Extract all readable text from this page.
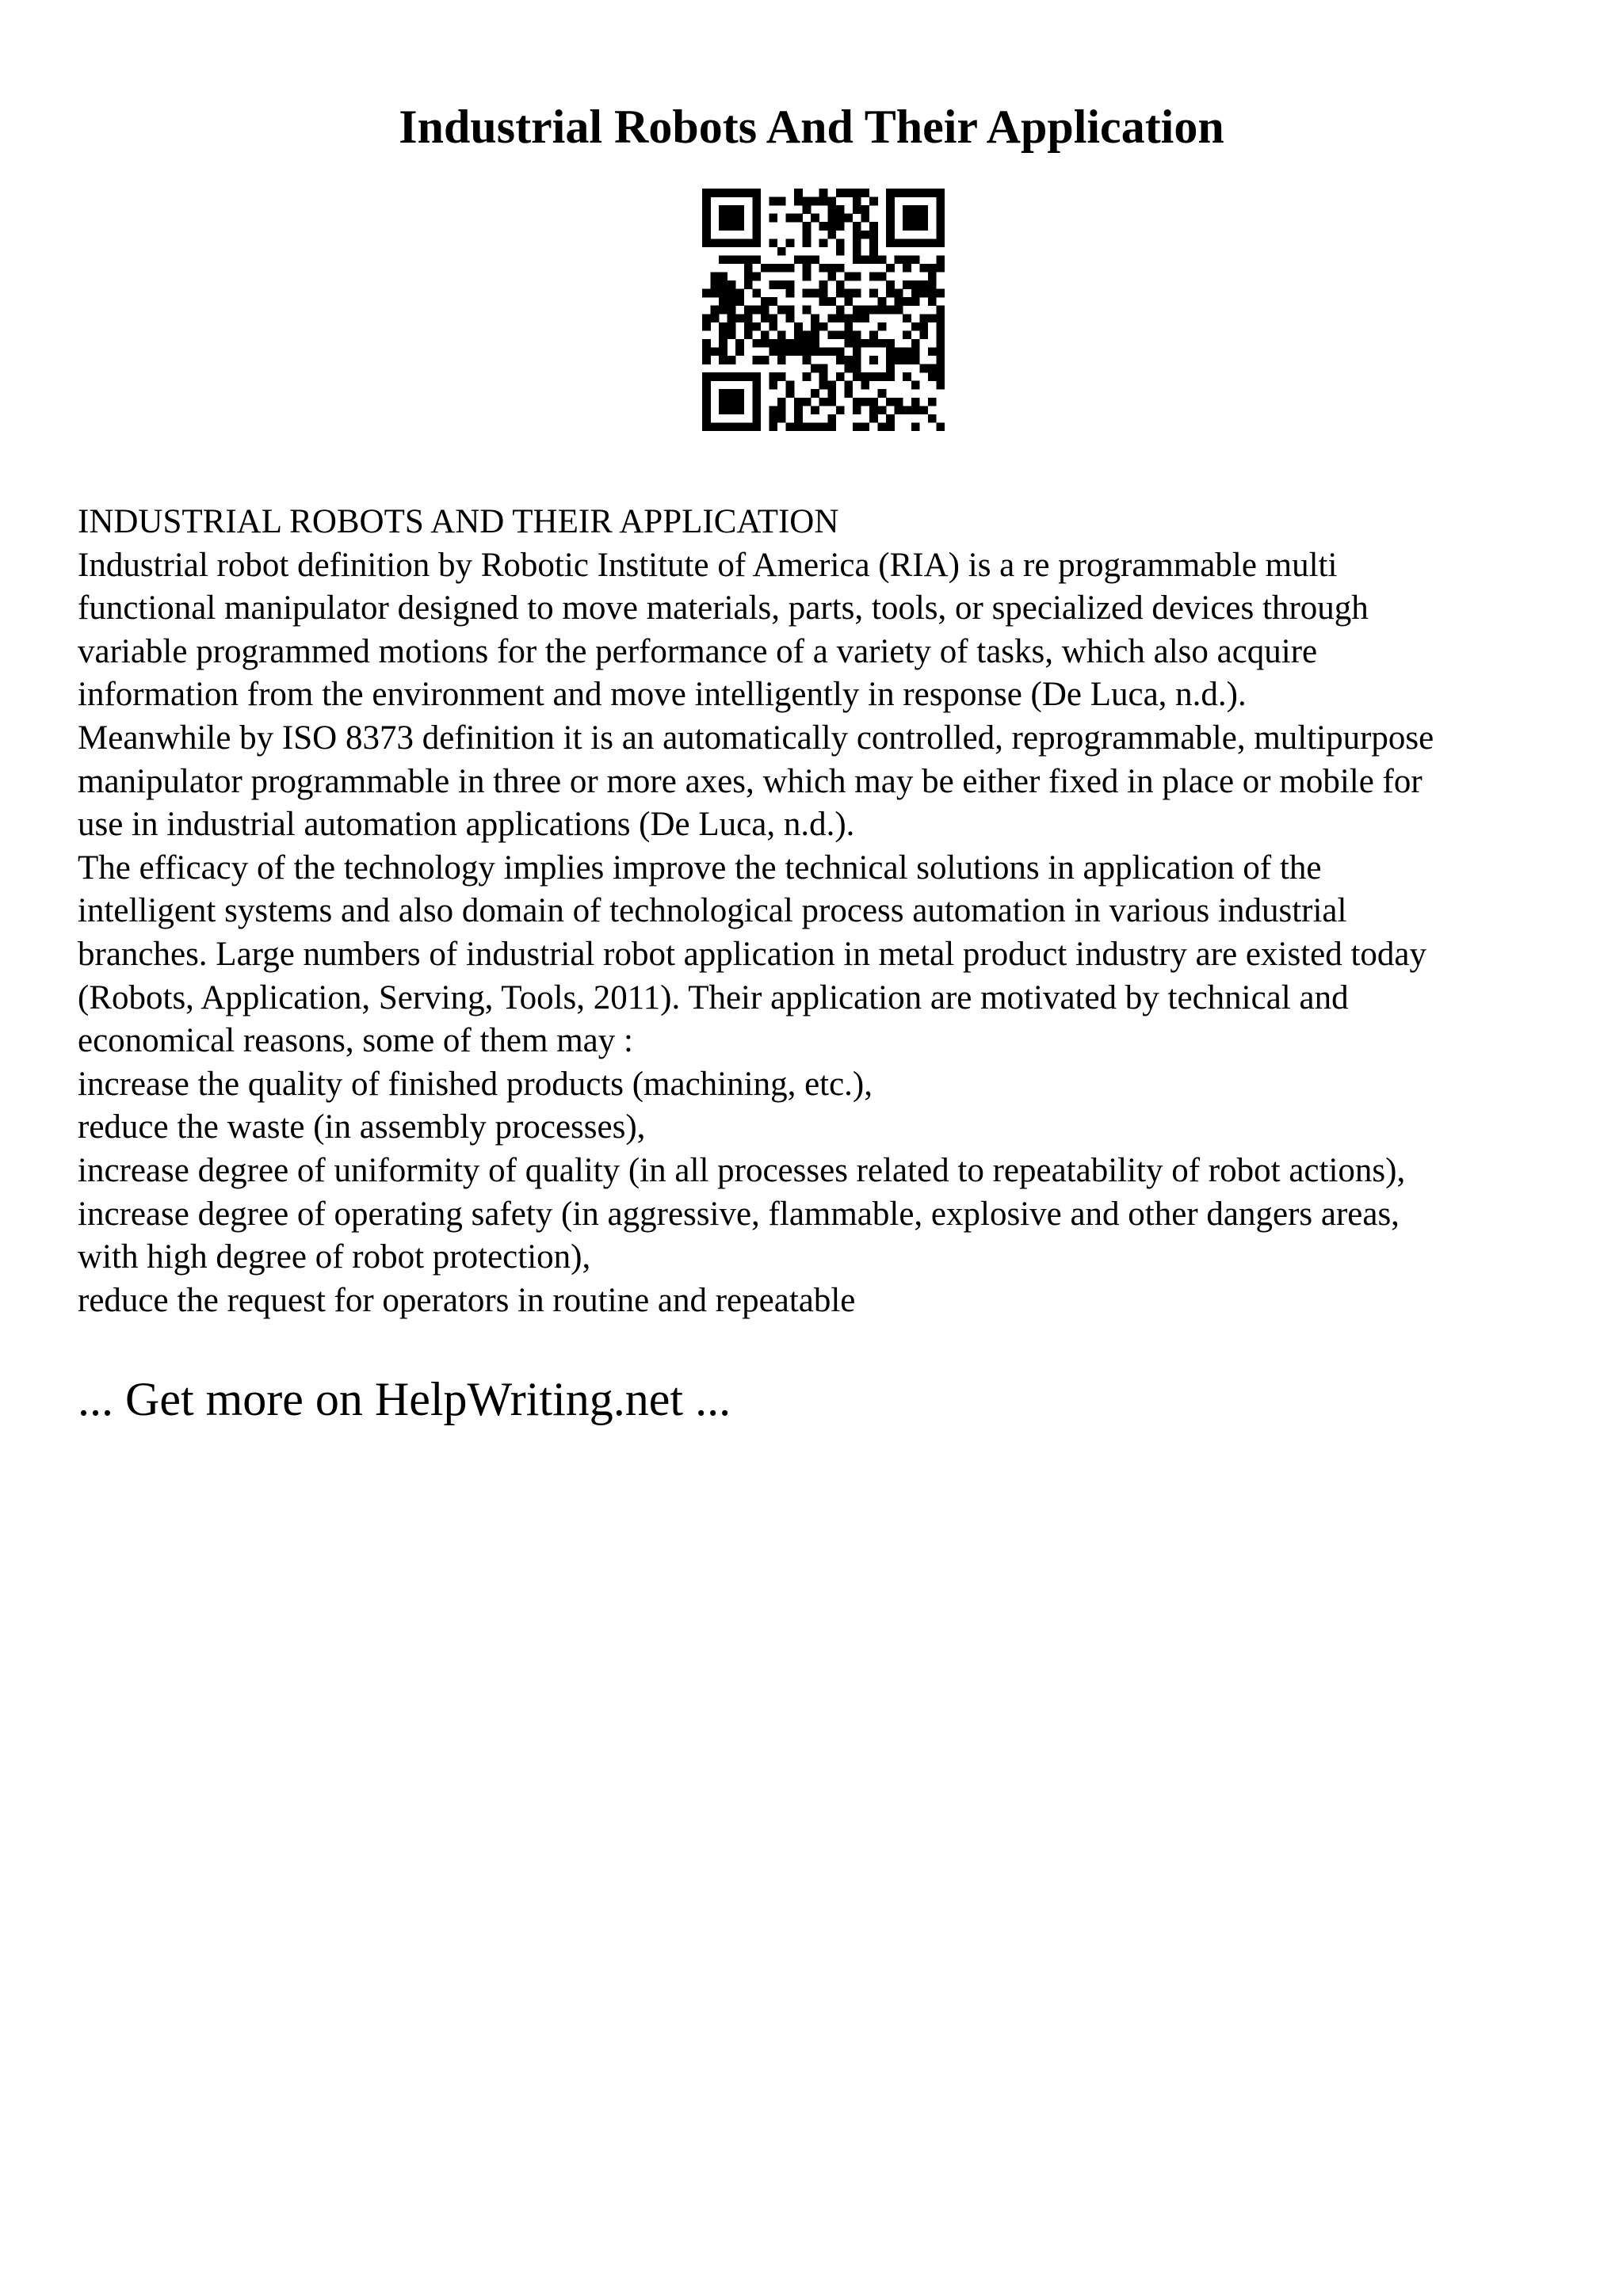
Industrial Robots And Their Application
INDUSTRIAL ROBOTS AND THEIR APPLICATION
Industrial robot definition by Robotic Institute of America (RIA) is a re programmable multi
functional manipulator designed to move materials, parts, tools, or specialized devices through
variable programmed motions for the performance of a variety of tasks, which also acquire
information from the environment and move intelligently in response (De Luca, n.d.).
Meanwhile by ISO 8373 definition it is an automatically controlled, reprogrammable, multipurpose
manipulator programmable in three or more axes, which may be either fixed in place or mobile for
use in industrial automation applications (De Luca, n.d.).
The efficacy of the technology implies improve the technical solutions in application of the
intelligent systems and also domain of technological process automation in various industrial
branches. Large numbers of industrial robot application in metal product industry are existed today
(Robots, Application, Serving, Tools, 2011). Their application are motivated by technical and
economical reasons, some of them may :
increase the quality of finished products (machining, etc.),
reduce the waste (in assembly processes),
increase degree of uniformity of quality (in all processes related to repeatability of robot actions),
increase degree of operating safety (in aggressive, flammable, explosive and other dangers areas,
with high degree of robot protection),
reduce the request for operators in routine and repeatable
... Get more on HelpWriting.net ...
